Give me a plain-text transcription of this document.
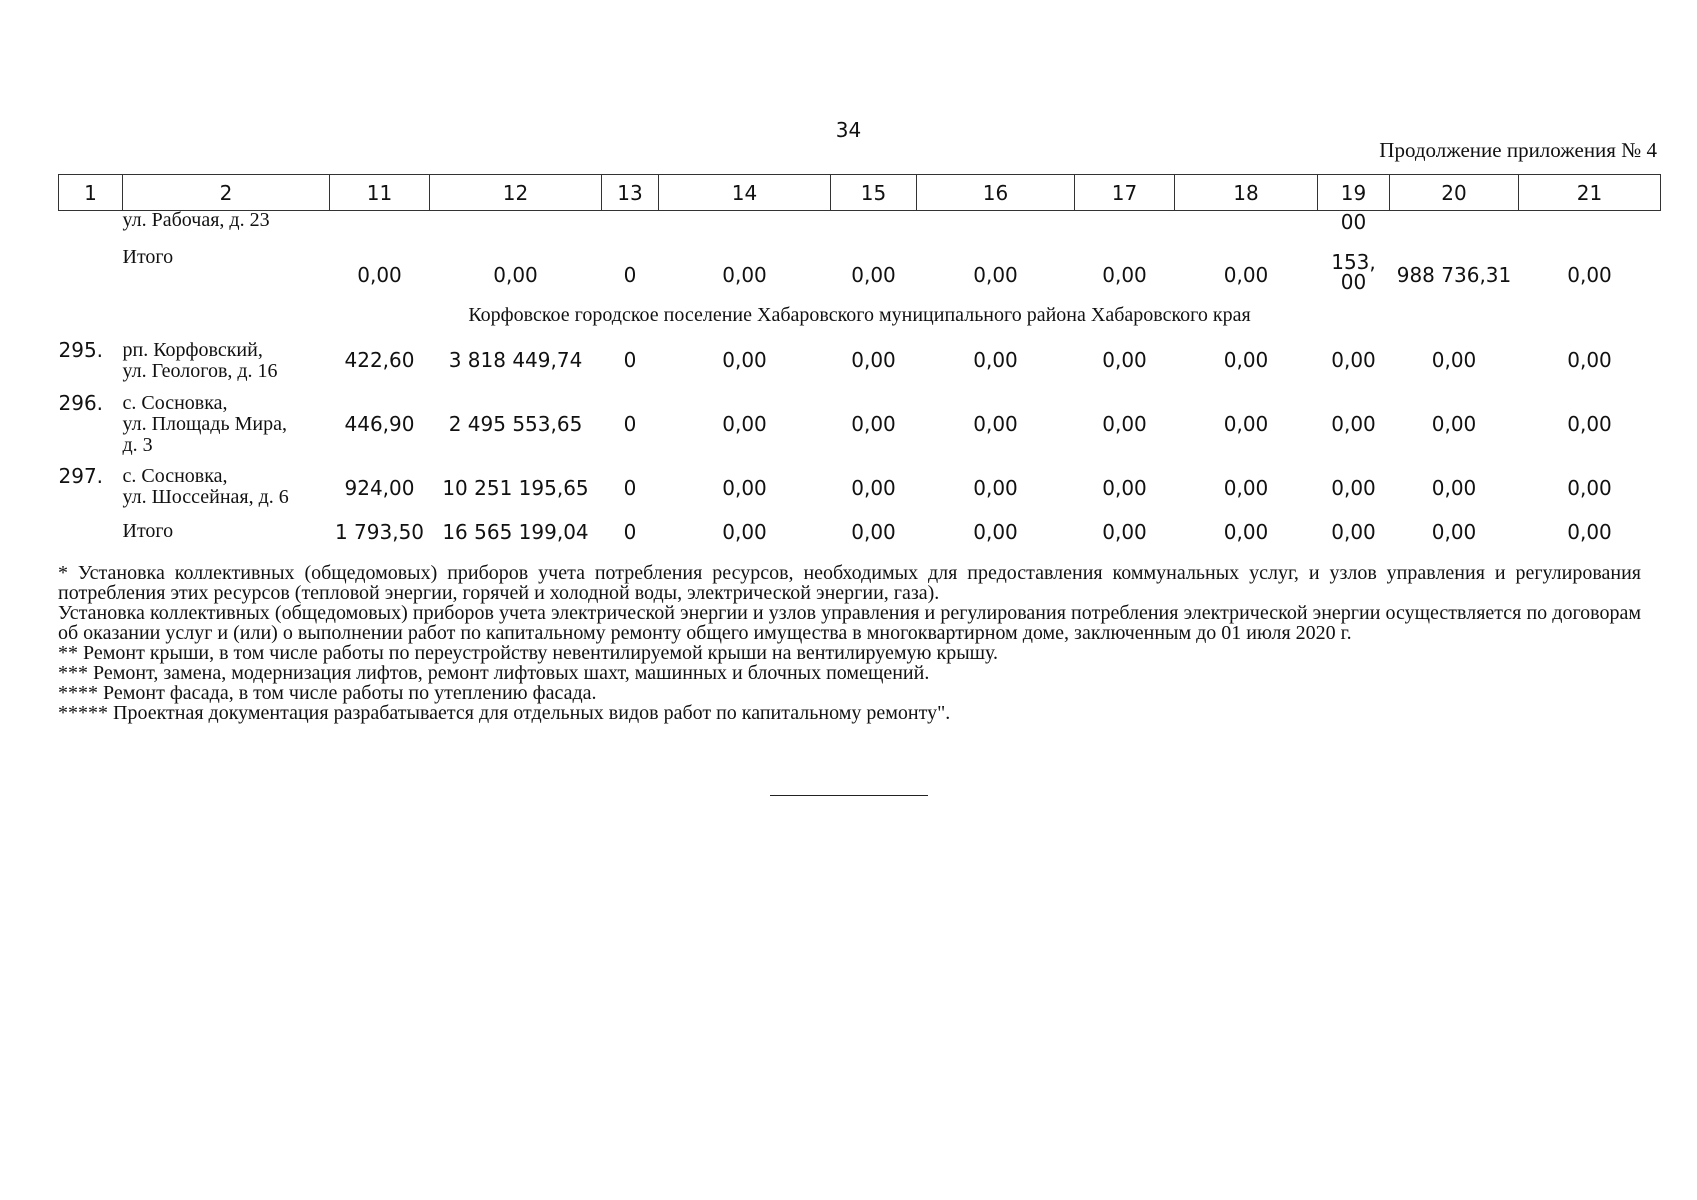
34
Продолжение приложения № 4
1	2	11	12	13	14	15	16	17	18	19	20	21
	ул. Рабочая, д. 23									00		
	Итого	0,00	0,00	0	0,00	0,00	0,00	0,00	0,00	153,
00	988 736,31	0,00
Корфовское городское поселение Хабаровского муниципального района Хабаровского края												
295.	рп. Корфовский,
ул. Геологов, д. 16	422,60	3 818 449,74	0	0,00	0,00	0,00	0,00	0,00	0,00	0,00	0,00
296.	с. Сосновка,
ул. Площадь Мира,
д. 3	446,90	2 495 553,65	0	0,00	0,00	0,00	0,00	0,00	0,00	0,00	0,00
297.	с. Сосновка,
ул. Шоссейная, д. 6	924,00	10 251 195,65	0	0,00	0,00	0,00	0,00	0,00	0,00	0,00	0,00
	Итого	1 793,50	16 565 199,04	0	0,00	0,00	0,00	0,00	0,00	0,00	0,00	0,00

* Установка коллективных (общедомовых) приборов учета потребления ресурсов, необходимых для предоставления коммунальных услуг, и узлов управления и регулирования потребления этих ресурсов (тепловой энергии, горячей и холодной воды, электрической энергии, газа).

Установка коллективных (общедомовых) приборов учета электрической энергии и узлов управления и регулирования потребления электрической энергии осуществляется по договорам об оказании услуг и (или) о выполнении работ по капитальному ремонту общего имущества в многоквартирном доме, заключенным до 01 июля 2020 г.

** Ремонт крыши, в том числе работы по переустройству невентилируемой крыши на вентилируемую крышу.

*** Ремонт, замена, модернизация лифтов, ремонт лифтовых шахт, машинных и блочных помещений.

**** Ремонт фасада, в том числе работы по утеплению фасада.

***** Проектная документация разрабатывается для отдельных видов работ по капитальному ремонту".
